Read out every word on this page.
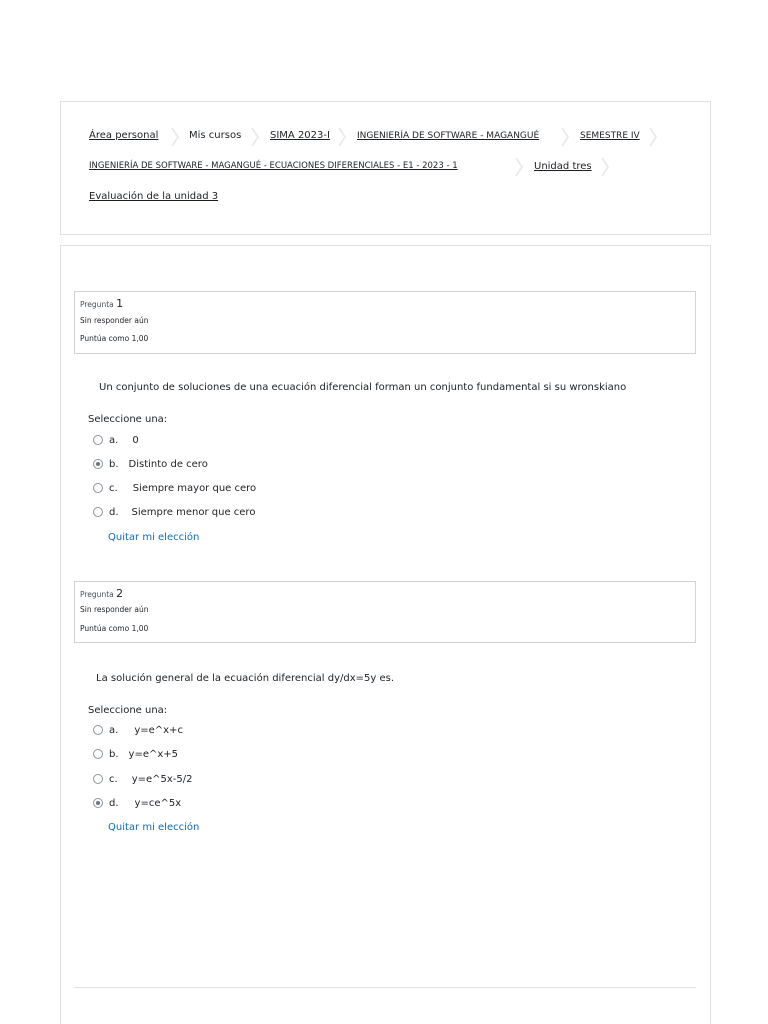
Área personal	Mis cursos	SIMA 2023-I	INGENIERÍA DE SOFTWARE - MAGANGUÉ	SEMESTRE IV
INGENIERÍA DE SOFTWARE - MAGANGUÉ - ECUACIONES DIFERENCIALES - E1 - 2023 - 1	Unidad tres
Evaluación de la unidad 3
Pregunta 1
Sin responder aún
Puntúa como 1,00
Un conjunto de soluciones de una ecuación diferencial forman un conjunto fundamental si su wronskiano
Seleccione una:
a. 0
b. Distinto de cero
c. Siempre mayor que cero
d. Siempre menor que cero
Quitar mi elección
Pregunta 2
Sin responder aún
Puntúa como 1,00
La solución general de la ecuación diferencial dy/dx=5y es.
Seleccione una:
a. y=e^x+c
b. y=e^x+5
c. y=e^5x-5/2
d. y=ce^5x
Quitar mi elección
